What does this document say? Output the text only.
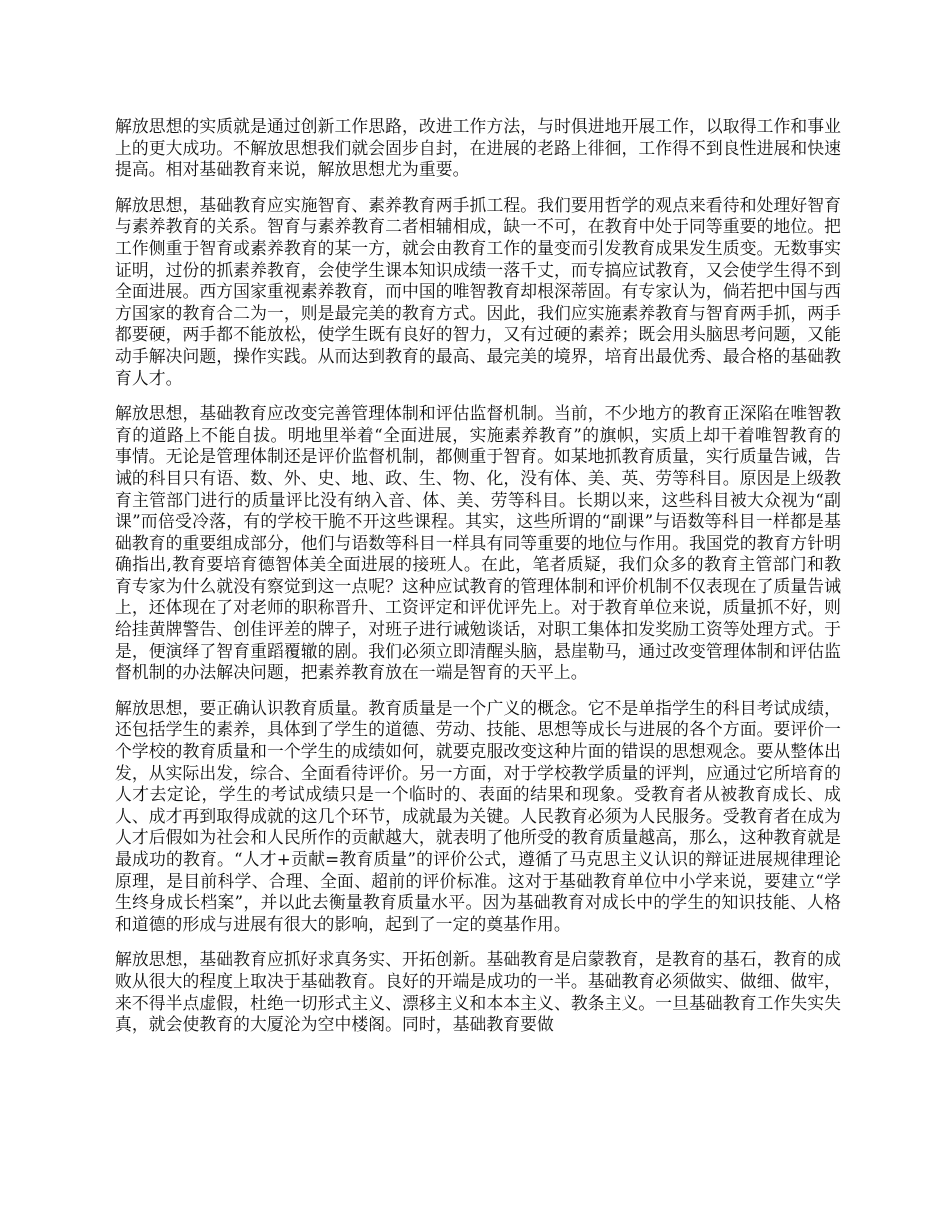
解放思想的实质就是通过创新工作思路，改进工作方法，与时俱进地开展工作，以取得工作和事业上的更大成功。不解放思想我们就会固步自封，在进展的老路上徘徊，工作得不到良性进展和快速提高。相对基础教育来说，解放思想尤为重要。

解放思想，基础教育应实施智育、素养教育两手抓工程。我们要用哲学的观点来看待和处理好智育与素养教育的关系。智育与素养教育二者相辅相成，缺一不可，在教育中处于同等重要的地位。把工作侧重于智育或素养教育的某一方，就会由教育工作的量变而引发教育成果发生质变。无数事实证明，过份的抓素养教育，会使学生课本知识成绩一落千丈，而专搞应试教育，又会使学生得不到全面进展。西方国家重视素养教育，而中国的唯智教育却根深蒂固。有专家认为，倘若把中国与西方国家的教育合二为一，则是最完美的教育方式。因此，我们应实施素养教育与智育两手抓，两手都要硬，两手都不能放松，使学生既有良好的智力，又有过硬的素养；既会用头脑思考问题，又能动手解决问题，操作实践。从而达到教育的最高、最完美的境界，培育出最优秀、最合格的基础教育人才。

解放思想，基础教育应改变完善管理体制和评估监督机制。当前，不少地方的教育正深陷在唯智教育的道路上不能自拔。明地里举着“全面进展，实施素养教育”的旗帜，实质上却干着唯智教育的事情。无论是管理体制还是评价监督机制，都侧重于智育。如某地抓教育质量，实行质量告诫，告诫的科目只有语、数、外、史、地、政、生、物、化，没有体、美、英、劳等科目。原因是上级教育主管部门进行的质量评比没有纳入音、体、美、劳等科目。长期以来，这些科目被大众视为“副课”而倍受冷落，有的学校干脆不开这些课程。其实，这些所谓的“副课”与语数等科目一样都是基础教育的重要组成部分，他们与语数等科目一样具有同等重要的地位与作用。我国党的教育方针明确指出,教育要培育德智体美全面进展的接班人。在此，笔者质疑，我们众多的教育主管部门和教育专家为什么就没有察觉到这一点呢？这种应试教育的管理体制和评价机制不仅表现在了质量告诫上，还体现在了对老师的职称晋升、工资评定和评优评先上。对于教育单位来说，质量抓不好，则给挂黄牌警告、创佳评差的牌子，对班子进行诫勉谈话，对职工集体扣发奖励工资等处理方式。于是，便演绎了智育重蹈覆辙的剧。我们必须立即清醒头脑，悬崖勒马，通过改变管理体制和评估监督机制的办法解决问题，把素养教育放在一端是智育的天平上。

解放思想，要正确认识教育质量。教育质量是一个广义的概念。它不是单指学生的科目考试成绩，还包括学生的素养，具体到了学生的道德、劳动、技能、思想等成长与进展的各个方面。要评价一个学校的教育质量和一个学生的成绩如何，就要克服改变这种片面的错误的思想观念。要从整体出发，从实际出发，综合、全面看待评价。另一方面，对于学校教学质量的评判，应通过它所培育的人才去定论，学生的考试成绩只是一个临时的、表面的结果和现象。受教育者从被教育成长、成人、成才再到取得成就的这几个环节，成就最为关键。人民教育必须为人民服务。受教育者在成为人才后假如为社会和人民所作的贡献越大，就表明了他所受的教育质量越高，那么，这种教育就是最成功的教育。“人才+贡献=教育质量”的评价公式，遵循了马克思主义认识的辩证进展规律理论原理，是目前科学、合理、全面、超前的评价标准。这对于基础教育单位中小学来说，要建立“学生终身成长档案”，并以此去衡量教育质量水平。因为基础教育对成长中的学生的知识技能、人格和道德的形成与进展有很大的影响，起到了一定的奠基作用。

解放思想，基础教育应抓好求真务实、开拓创新。基础教育是启蒙教育，是教育的基石，教育的成败从很大的程度上取决于基础教育。良好的开端是成功的一半。基础教育必须做实、做细、做牢，来不得半点虚假，杜绝一切形式主义、漂移主义和本本主义、教条主义。一旦基础教育工作失实失真，就会使教育的大厦沦为空中楼阁。同时，基础教育要做
